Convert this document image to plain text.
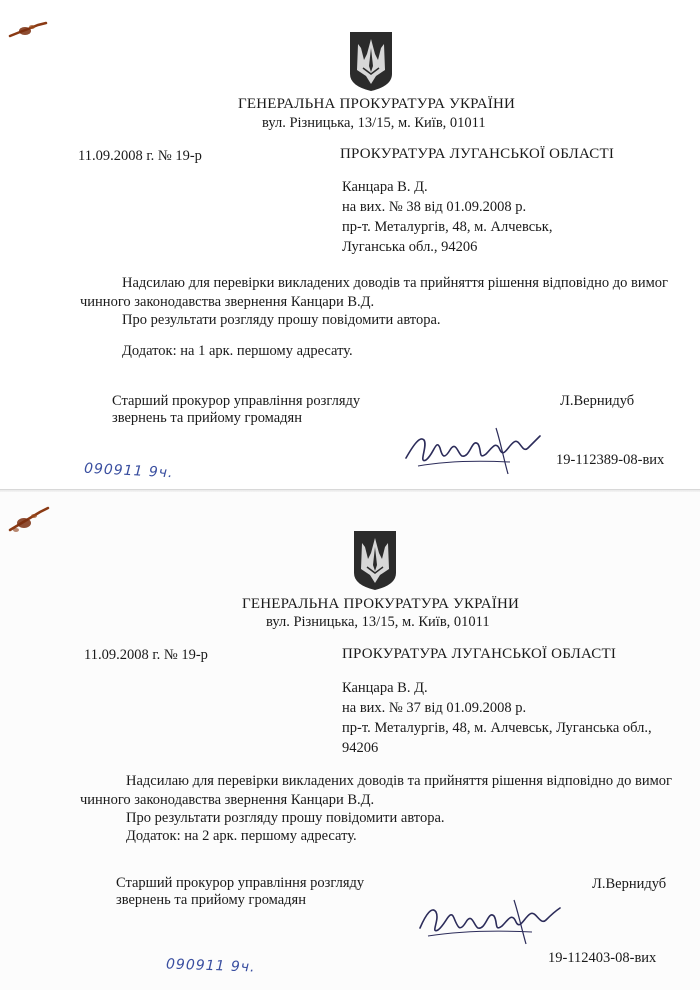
ГЕНЕРАЛЬНА ПРОКУРАТУРА УКРАЇНИ
вул. Різницька, 13/15, м. Київ, 01011
11.09.2008 г. № 19-р	ПРОКУРАТУРА ЛУГАНСЬКОЇ ОБЛАСТІ
Канцара В. Д.
на вих. № 38 від 01.09.2008 р.
пр-т. Металургів, 48, м. Алчевськ,
Луганська обл., 94206
Надсилаю для перевірки викладених доводів та прийняття рішення відповідно до вимог
чинного законодавства звернення Канцари В.Д.
Про результати розгляду прошу повідомити автора.
Додаток: на 1 арк. першому адресату.
Старший прокурор управління розгляду
звернень та прийому громадян
Л.Вернидуб
19-112389-08-вих
090911 9ч.
ГЕНЕРАЛЬНА ПРОКУРАТУРА УКРАЇНИ
вул. Різницька, 13/15, м. Київ, 01011
11.09.2008 г. № 19-р	ПРОКУРАТУРА ЛУГАНСЬКОЇ ОБЛАСТІ
Канцара В. Д.
на вих. № 37 від 01.09.2008 р.
пр-т. Металургів, 48, м. Алчевськ, Луганська обл.,
94206
Надсилаю для перевірки викладених доводів та прийняття рішення відповідно до вимог
чинного законодавства звернення Канцари В.Д.
Про результати розгляду прошу повідомити автора.
Додаток: на 2 арк. першому адресату.
Старший прокурор управління розгляду
звернень та прийому громадян
Л.Вернидуб
19-112403-08-вих
090911 9ч.
